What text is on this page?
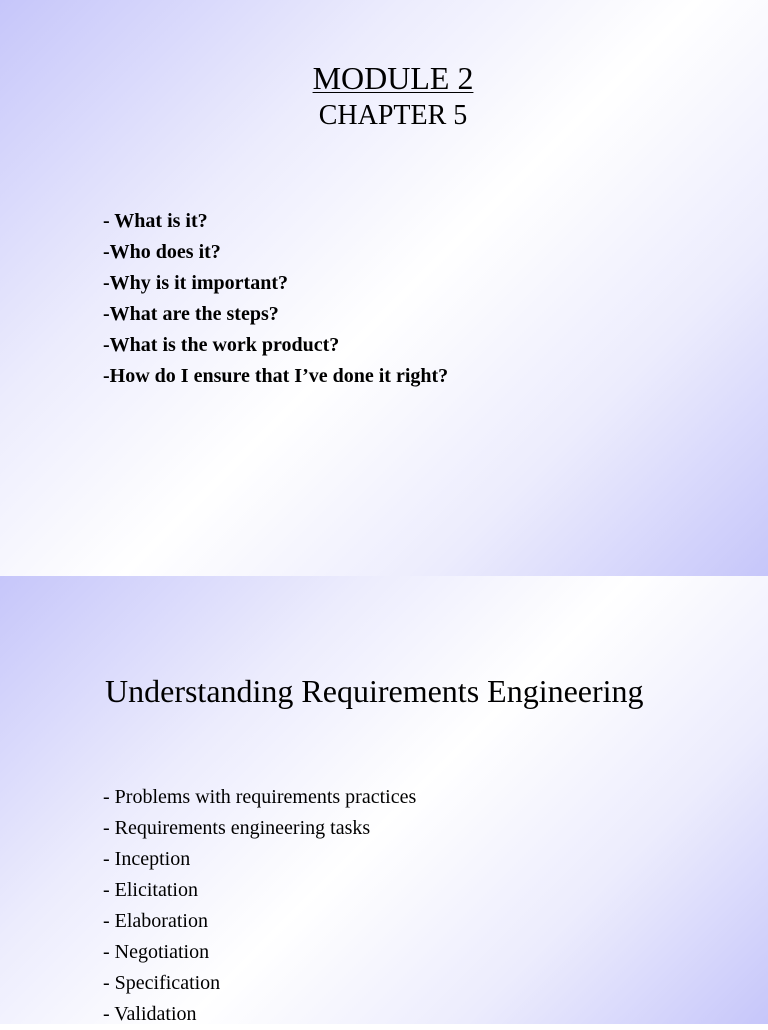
MODULE 2
CHAPTER 5
- What is it?
-Who does it?
-Why is it important?
-What are the steps?
-What is the work product?
-How do I ensure that I’ve done it right?
Understanding Requirements Engineering
- Problems with requirements practices
- Requirements engineering tasks
- Inception
- Elicitation
- Elaboration
- Negotiation
- Specification
- Validation
